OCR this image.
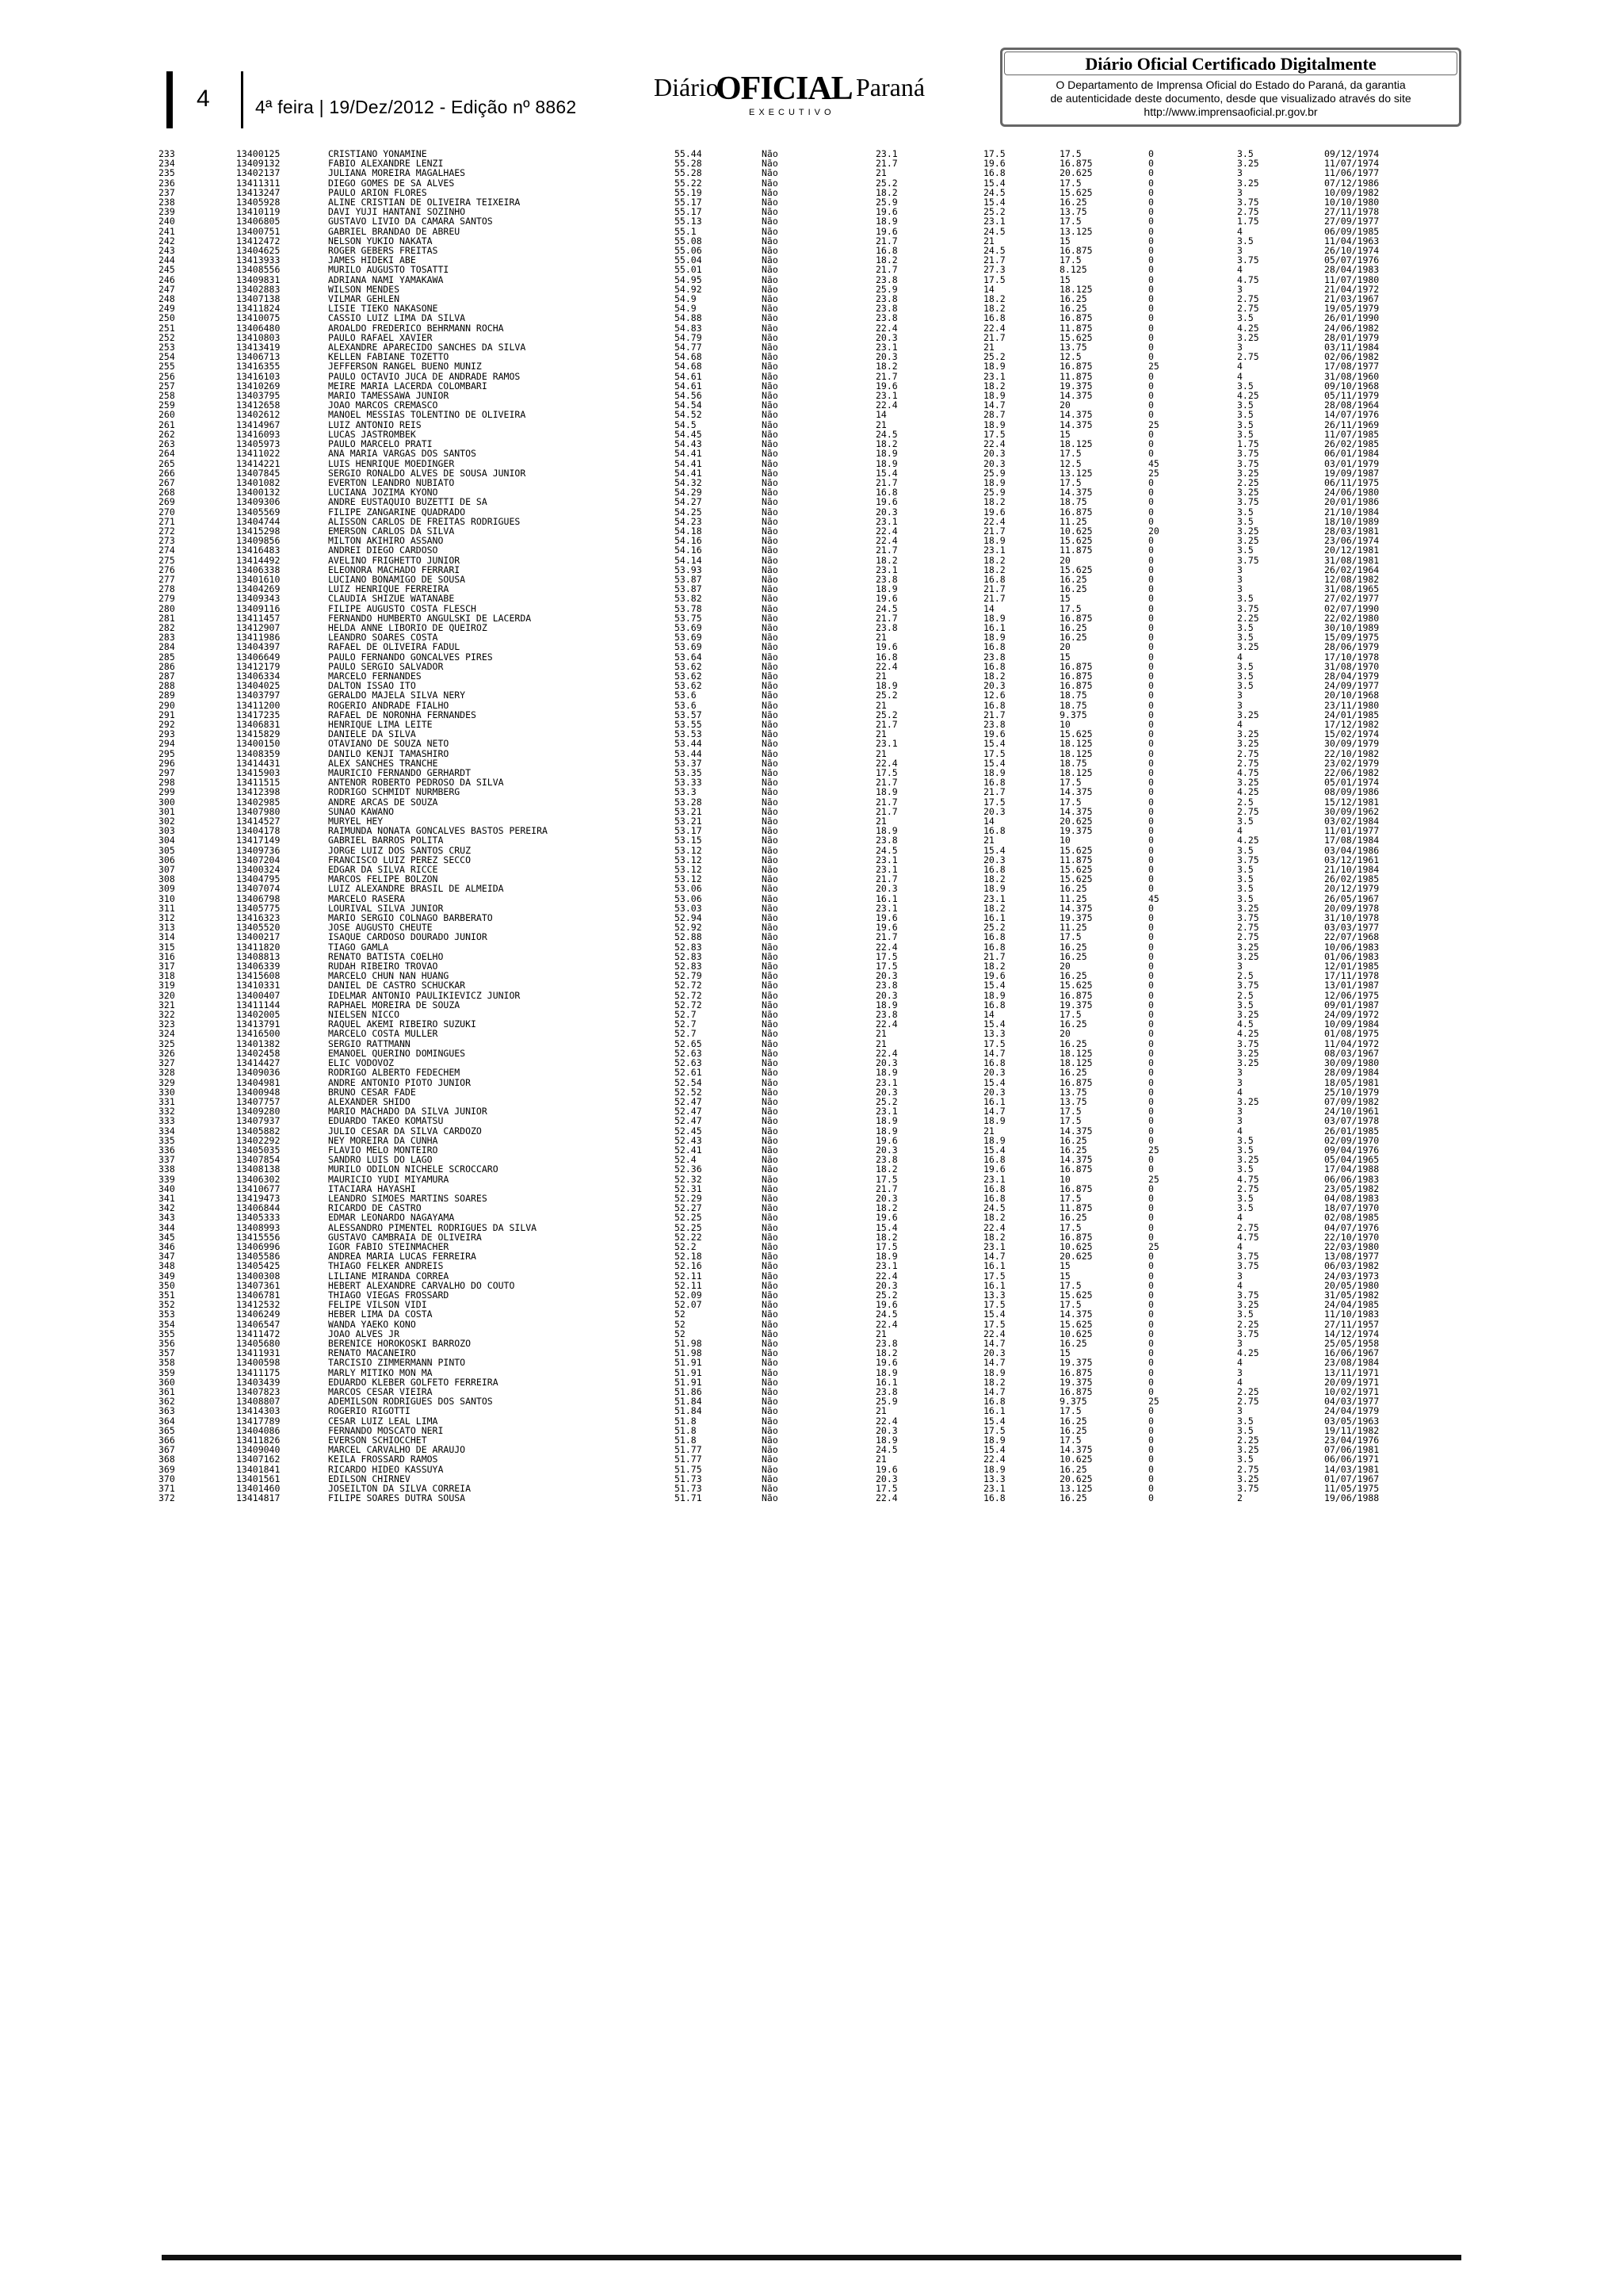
4 4ª feira | 19/Dez/2012 - Edição nº 8862
Diário
OFICIAL Paraná
EXECUTIVO
Diário Oficial Certificado Digitalmente
O Departamento de Imprensa Oficial do Estado do Paraná, da garantia
de autenticidade deste documento, desde que visualizado através do site
http://www.imprensaoficial.pr.gov.br
233	13400125	CRISTIANO YONAMINE	55.44	Não	23.1	17.5	17.5	0	3.5	09/12/1974
234	13409132	FABIO ALEXANDRE LENZI	55.28	Não	21.7	19.6	16.875	0	3.25	11/07/1974
235	13402137	JULIANA MOREIRA MAGALHAES	55.28	Não	21	16.8	20.625	0	3	11/06/1977
236	13411311	DIEGO GOMES DE SA ALVES	55.22	Não	25.2	15.4	17.5	0	3.25	07/12/1986
237	13413247	PAULO ARION FLORES	55.19	Não	18.2	24.5	15.625	0	3	10/09/1982
238	13405928	ALINE CRISTIAN DE OLIVEIRA TEIXEIRA	55.17	Não	25.9	15.4	16.25	0	3.75	10/10/1980
239	13410119	DAVI YUJI HANTANI SOZINHO	55.17	Não	19.6	25.2	13.75	0	2.75	27/11/1978
240	13406805	GUSTAVO LIVIO DA CAMARA SANTOS	55.13	Não	18.9	23.1	17.5	0	1.75	27/09/1977
241	13400751	GABRIEL BRANDAO DE ABREU	55.1	Não	19.6	24.5	13.125	0	4	06/09/1985
242	13412472	NELSON YUKIO NAKATA	55.08	Não	21.7	21	15	0	3.5	11/04/1963
243	13404625	ROGER GEBERS FREITAS	55.06	Não	16.8	24.5	16.875	0	3	26/10/1974
244	13413933	JAMES HIDEKI ABE	55.04	Não	18.2	21.7	17.5	0	3.75	05/07/1976
245	13408556	MURILO AUGUSTO TOSATTI	55.01	Não	21.7	27.3	8.125	0	4	28/04/1983
246	13409831	ADRIANA NAMI YAMAKAWA	54.95	Não	23.8	17.5	15	0	4.75	11/07/1980
247	13402883	WILSON MENDES	54.92	Não	25.9	14	18.125	0	3	21/04/1972
248	13407138	VILMAR GEHLEN	54.9	Não	23.8	18.2	16.25	0	2.75	21/03/1967
249	13411824	LISIE TIEKO NAKASONE	54.9	Não	23.8	18.2	16.25	0	2.75	19/05/1979
250	13410075	CASSIO LUIZ LIMA DA SILVA	54.88	Não	23.8	16.8	16.875	0	3.5	26/01/1990
251	13406480	AROALDO FREDERICO BEHRMANN ROCHA	54.83	Não	22.4	22.4	11.875	0	4.25	24/06/1982
252	13410803	PAULO RAFAEL XAVIER	54.79	Não	20.3	21.7	15.625	0	3.25	28/01/1979
253	13413419	ALEXANDRE APARECIDO SANCHES DA SILVA	54.77	Não	23.1	21	13.75	0	3	03/11/1984
254	13406713	KELLEN FABIANE TOZETTO	54.68	Não	20.3	25.2	12.5	0	2.75	02/06/1982
255	13416355	JEFFERSON RANGEL BUENO MUNIZ	54.68	Não	18.2	18.9	16.875	25	4	17/08/1977
256	13416103	PAULO OCTAVIO JUCA DE ANDRADE RAMOS	54.61	Não	21.7	23.1	11.875	0	4	31/08/1960
257	13410269	MEIRE MARIA LACERDA COLOMBARI	54.61	Não	19.6	18.2	19.375	0	3.5	09/10/1968
258	13403795	MARIO TAMESSAWA JUNIOR	54.56	Não	23.1	18.9	14.375	0	4.25	05/11/1979
259	13412658	JOAO MARCOS CREMASCO	54.54	Não	22.4	14.7	20	0	3.5	28/08/1964
260	13402612	MANOEL MESSIAS TOLENTINO DE OLIVEIRA	54.52	Não	14	28.7	14.375	0	3.5	14/07/1976
261	13414967	LUIZ ANTONIO REIS	54.5	Não	21	18.9	14.375	25	3.5	26/11/1969
262	13416093	LUCAS JASTROMBEK	54.45	Não	24.5	17.5	15	0	3.5	11/07/1985
263	13405973	PAULO MARCELO PRATI	54.43	Não	18.2	22.4	18.125	0	1.75	26/02/1985
264	13411022	ANA MARIA VARGAS DOS SANTOS	54.41	Não	18.9	20.3	17.5	0	3.75	06/01/1984
265	13414221	LUIS HENRIQUE MOEDINGER	54.41	Não	18.9	20.3	12.5	45	3.75	03/01/1979
266	13407845	SERGIO RONALDO ALVES DE SOUSA JUNIOR	54.41	Não	15.4	25.9	13.125	25	3.25	19/09/1987
267	13401082	EVERTON LEANDRO NUBIATO	54.32	Não	21.7	18.9	17.5	0	2.25	06/11/1975
268	13400132	LUCIANA JOZIMA KYONO	54.29	Não	16.8	25.9	14.375	0	3.25	24/06/1980
269	13409306	ANDRE EUSTAQUIO BUZETTI DE SA	54.27	Não	19.6	18.2	18.75	0	3.75	20/01/1986
270	13405569	FILIPE ZANGARINE QUADRADO	54.25	Não	20.3	19.6	16.875	0	3.5	21/10/1984
271	13404744	ALISSON CARLOS DE FREITAS RODRIGUES	54.23	Não	23.1	22.4	11.25	0	3.5	18/10/1989
272	13415298	EMERSON CARLOS DA SILVA	54.18	Não	22.4	21.7	10.625	20	3.25	28/03/1981
273	13409856	MILTON AKIHIRO ASSANO	54.16	Não	22.4	18.9	15.625	0	3.25	23/06/1974
274	13416483	ANDREI DIEGO CARDOSO	54.16	Não	21.7	23.1	11.875	0	3.5	20/12/1981
275	13414492	AVELINO FRIGHETTO JUNIOR	54.14	Não	18.2	18.2	20	0	3.75	31/08/1981
276	13406338	ELEONORA MACHADO FERRARI	53.93	Não	23.1	18.2	15.625	0	3	26/02/1964
277	13401610	LUCIANO BONAMIGO DE SOUSA	53.87	Não	23.8	16.8	16.25	0	3	12/08/1982
278	13404269	LUIZ HENRIQUE FERREIRA	53.87	Não	18.9	21.7	16.25	0	3	31/08/1965
279	13409343	CLAUDIA SHIZUE WATANABE	53.82	Não	19.6	21.7	15	0	3.5	27/02/1977
280	13409116	FILIPE AUGUSTO COSTA FLESCH	53.78	Não	24.5	14	17.5	0	3.75	02/07/1990
281	13411457	FERNANDO HUMBERTO ANGULSKI DE LACERDA	53.75	Não	21.7	18.9	16.875	0	2.25	22/02/1980
282	13412907	HELDA ANNE LIBORIO DE QUEIROZ	53.69	Não	23.8	16.1	16.25	0	3.5	30/10/1989
283	13411986	LEANDRO SOARES COSTA	53.69	Não	21	18.9	16.25	0	3.5	15/09/1975
284	13404397	RAFAEL DE OLIVEIRA FADUL	53.69	Não	19.6	16.8	20	0	3.25	28/06/1979
285	13406649	PAULO FERNANDO GONCALVES PIRES	53.64	Não	16.8	23.8	15	0	4	17/10/1978
286	13412179	PAULO SERGIO SALVADOR	53.62	Não	22.4	16.8	16.875	0	3.5	31/08/1970
287	13406334	MARCELO FERNANDES	53.62	Não	21	18.2	16.875	0	3.5	28/04/1979
288	13404025	DALTON ISSAO ITO	53.62	Não	18.9	20.3	16.875	0	3.5	24/09/1977
289	13403797	GERALDO MAJELA SILVA NERY	53.6	Não	25.2	12.6	18.75	0	3	20/10/1968
290	13411200	ROGERIO ANDRADE FIALHO	53.6	Não	21	16.8	18.75	0	3	23/11/1980
291	13417235	RAFAEL DE NORONHA FERNANDES	53.57	Não	25.2	21.7	9.375	0	3.25	24/01/1985
292	13406831	HENRIQUE LIMA LEITE	53.55	Não	21.7	23.8	10	0	4	17/12/1982
293	13415829	DANIELE DA SILVA	53.53	Não	21	19.6	15.625	0	3.25	15/02/1974
294	13400150	OTAVIANO DE SOUZA NETO	53.44	Não	23.1	15.4	18.125	0	3.25	30/09/1979
295	13408359	DANILO KENJI TAMASHIRO	53.44	Não	21	17.5	18.125	0	2.75	22/10/1982
296	13414431	ALEX SANCHES TRANCHE	53.37	Não	22.4	15.4	18.75	0	2.75	23/02/1979
297	13415903	MAURICIO FERNANDO GERHARDT	53.35	Não	17.5	18.9	18.125	0	4.75	22/06/1982
298	13411515	ANTENOR ROBERTO PEDROSO DA SILVA	53.33	Não	21.7	16.8	17.5	0	3.25	05/01/1974
299	13412398	RODRIGO SCHMIDT NURMBERG	53.3	Não	18.9	21.7	14.375	0	4.25	08/09/1986
300	13402985	ANDRE ARCAS DE SOUZA	53.28	Não	21.7	17.5	17.5	0	2.5	15/12/1981
301	13407980	SUNAO KAWANO	53.21	Não	21.7	20.3	14.375	0	2.75	30/09/1962
302	13414527	MURYEL HEY	53.21	Não	21	14	20.625	0	3.5	03/02/1984
303	13404178	RAIMUNDA NONATA GONCALVES BASTOS PEREIRA	53.17	Não	18.9	16.8	19.375	0	4	11/01/1977
304	13417149	GABRIEL BARROS POLITA	53.15	Não	23.8	21	10	0	4.25	17/08/1984
305	13409736	JORGE LUIZ DOS SANTOS CRUZ	53.12	Não	24.5	15.4	15.625	0	3.5	03/04/1986
306	13407204	FRANCISCO LUIZ PEREZ SECCO	53.12	Não	23.1	20.3	11.875	0	3.75	03/12/1961
307	13400324	EDGAR DA SILVA RICCE	53.12	Não	23.1	16.8	15.625	0	3.5	21/10/1984
308	13404795	MARCOS FELIPE BOLZON	53.12	Não	21.7	18.2	15.625	0	3.5	26/02/1985
309	13407074	LUIZ ALEXANDRE BRASIL DE ALMEIDA	53.06	Não	20.3	18.9	16.25	0	3.5	20/12/1979
310	13406798	MARCELO RASERA	53.06	Não	16.1	23.1	11.25	45	3.5	26/05/1967
311	13405775	LOURIVAL SILVA JUNIOR	53.03	Não	23.1	18.2	14.375	0	3.25	20/09/1978
312	13416323	MARIO SERGIO COLNAGO BARBERATO	52.94	Não	19.6	16.1	19.375	0	3.75	31/10/1978
313	13405520	JOSE AUGUSTO CHEUTE	52.92	Não	19.6	25.2	11.25	0	2.75	03/03/1977
314	13400217	ISAQUE CARDOSO DOURADO JUNIOR	52.88	Não	21.7	16.8	17.5	0	2.75	22/07/1968
315	13411820	TIAGO GAMLA	52.83	Não	22.4	16.8	16.25	0	3.25	10/06/1983
316	13408813	RENATO BATISTA COELHO	52.83	Não	17.5	21.7	16.25	0	3.25	01/06/1983
317	13406339	RUDAH RIBEIRO TROVAO	52.83	Não	17.5	18.2	20	0	3	12/01/1985
318	13415608	MARCELO CHUN NAN HUANG	52.79	Não	20.3	19.6	16.25	0	2.5	17/11/1978
319	13410331	DANIEL DE CASTRO SCHUCKAR	52.72	Não	23.8	15.4	15.625	0	3.75	13/01/1987
320	13400407	IDELMAR ANTONIO PAULIKIEVICZ JUNIOR	52.72	Não	20.3	18.9	16.875	0	2.5	12/06/1975
321	13411144	RAPHAEL MOREIRA DE SOUZA	52.72	Não	18.9	16.8	19.375	0	3.5	09/01/1987
322	13402005	NIELSEN NICCO	52.7	Não	23.8	14	17.5	0	3.25	24/09/1972
323	13413791	RAQUEL AKEMI RIBEIRO SUZUKI	52.7	Não	22.4	15.4	16.25	0	4.5	10/09/1984
324	13416500	MARCELO COSTA MULLER	52.7	Não	21	13.3	20	0	4.25	01/08/1975
325	13401382	SERGIO RATTMANN	52.65	Não	21	17.5	16.25	0	3.75	11/04/1972
326	13402458	EMANOEL QUERINO DOMINGUES	52.63	Não	22.4	14.7	18.125	0	3.25	08/03/1967
327	13414427	ELIC VODOVOZ	52.63	Não	20.3	16.8	18.125	0	3.25	30/09/1980
328	13409036	RODRIGO ALBERTO FEDECHEM	52.61	Não	18.9	20.3	16.25	0	3	28/09/1984
329	13404981	ANDRE ANTONIO PIOTO JUNIOR	52.54	Não	23.1	15.4	16.875	0	3	18/05/1981
330	13400948	BRUNO CESAR FADE	52.52	Não	20.3	20.3	13.75	0	4	25/10/1979
331	13407757	ALEXANDER SHIDO	52.47	Não	25.2	16.1	13.75	0	3.25	07/09/1982
332	13409280	MARIO MACHADO DA SILVA JUNIOR	52.47	Não	23.1	14.7	17.5	0	3	24/10/1961
333	13407937	EDUARDO TAKEO KOMATSU	52.47	Não	18.9	18.9	17.5	0	3	03/07/1978
334	13405882	JULIO CESAR DA SILVA CARDOZO	52.45	Não	18.9	21	14.375	0	4	26/01/1985
335	13402292	NEY MOREIRA DA CUNHA	52.43	Não	19.6	18.9	16.25	0	3.5	02/09/1970
336	13405035	FLAVIO MELO MONTEIRO	52.41	Não	20.3	15.4	16.25	25	3.5	09/04/1976
337	13407854	SANDRO LUIS DO LAGO	52.4	Não	23.8	16.8	14.375	0	3.25	05/04/1965
338	13408138	MURILO ODILON NICHELE SCROCCARO	52.36	Não	18.2	19.6	16.875	0	3.5	17/04/1988
339	13406302	MAURICIO YUDI MIYAMURA	52.32	Não	17.5	23.1	10	25	4.75	06/06/1983
340	13410677	ITACIARA HAYASHI	52.31	Não	21.7	16.8	16.875	0	2.75	23/05/1982
341	13419473	LEANDRO SIMOES MARTINS SOARES	52.29	Não	20.3	16.8	17.5	0	3.5	04/08/1983
342	13406844	RICARDO DE CASTRO	52.27	Não	18.2	24.5	11.875	0	3.5	18/07/1970
343	13405333	EDMAR LEONARDO NAGAYAMA	52.25	Não	19.6	18.2	16.25	0	4	02/08/1985
344	13408993	ALESSANDRO PIMENTEL RODRIGUES DA SILVA	52.25	Não	15.4	22.4	17.5	0	2.75	04/07/1976
345	13415556	GUSTAVO CAMBRAIA DE OLIVEIRA	52.22	Não	18.2	18.2	16.875	0	4.75	22/10/1970
346	13406996	IGOR FABIO STEINMACHER	52.2	Não	17.5	23.1	10.625	25	4	22/03/1980
347	13405586	ANDREA MARIA LUCAS FERREIRA	52.18	Não	18.9	14.7	20.625	0	3.75	13/08/1977
348	13405425	THIAGO FELKER ANDREIS	52.16	Não	23.1	16.1	15	0	3.75	06/03/1982
349	13400308	LILIANE MIRANDA CORREA	52.11	Não	22.4	17.5	15	0	3	24/03/1973
350	13407361	HEBERT ALEXANDRE CARVALHO DO COUTO	52.11	Não	20.3	16.1	17.5	0	4	20/05/1980
351	13406781	THIAGO VIEGAS FROSSARD	52.09	Não	25.2	13.3	15.625	0	3.75	31/05/1982
352	13412532	FELIPE VILSON VIDI	52.07	Não	19.6	17.5	17.5	0	3.25	24/04/1985
353	13406249	HEBER LIMA DA COSTA	52	Não	24.5	15.4	14.375	0	3.5	11/10/1983
354	13406547	WANDA YAEKO KONO	52	Não	22.4	17.5	15.625	0	2.25	27/11/1957
355	13411472	JOAO ALVES JR	52	Não	21	22.4	10.625	0	3.75	14/12/1974
356	13405680	BERENICE HOROKOSKI BARROZO	51.98	Não	23.8	14.7	16.25	0	3	25/05/1958
357	13411931	RENATO MACANEIRO	51.98	Não	18.2	20.3	15	0	4.25	16/06/1967
358	13400598	TARCISIO ZIMMERMANN PINTO	51.91	Não	19.6	14.7	19.375	0	4	23/08/1984
359	13411175	MARLY MITIKO MON MA	51.91	Não	18.9	18.9	16.875	0	3	13/11/1971
360	13403439	EDUARDO KLEBER GOLFETO FERREIRA	51.91	Não	16.1	18.2	19.375	0	4	20/09/1971
361	13407823	MARCOS CESAR VIEIRA	51.86	Não	23.8	14.7	16.875	0	2.25	10/02/1971
362	13408807	ADEMILSON RODRIGUES DOS SANTOS	51.84	Não	25.9	16.8	9.375	25	2.75	04/03/1977
363	13414303	ROGERIO RIGOTTI	51.84	Não	21	16.1	17.5	0	3	24/04/1979
364	13417789	CESAR LUIZ LEAL LIMA	51.8	Não	22.4	15.4	16.25	0	3.5	03/05/1963
365	13404086	FERNANDO MOSCATO NERI	51.8	Não	20.3	17.5	16.25	0	3.5	19/11/1982
366	13411826	EVERSON SCHIOCCHET	51.8	Não	18.9	18.9	17.5	0	2.25	23/04/1976
367	13409040	MARCEL CARVALHO DE ARAUJO	51.77	Não	24.5	15.4	14.375	0	3.25	07/06/1981
368	13407162	KEILA FROSSARD RAMOS	51.77	Não	21	22.4	10.625	0	3.5	06/06/1971
369	13401841	RICARDO HIDEO KASSUYA	51.75	Não	19.6	18.9	16.25	0	2.75	14/03/1981
370	13401561	EDILSON CHIRNEV	51.73	Não	20.3	13.3	20.625	0	3.25	01/07/1967
371	13401460	JOSEILTON DA SILVA CORREIA	51.73	Não	17.5	23.1	13.125	0	3.75	11/05/1975
372	13414817	FILIPE SOARES DUTRA SOUSA	51.71	Não	22.4	16.8	16.25	0	2	19/06/1988
